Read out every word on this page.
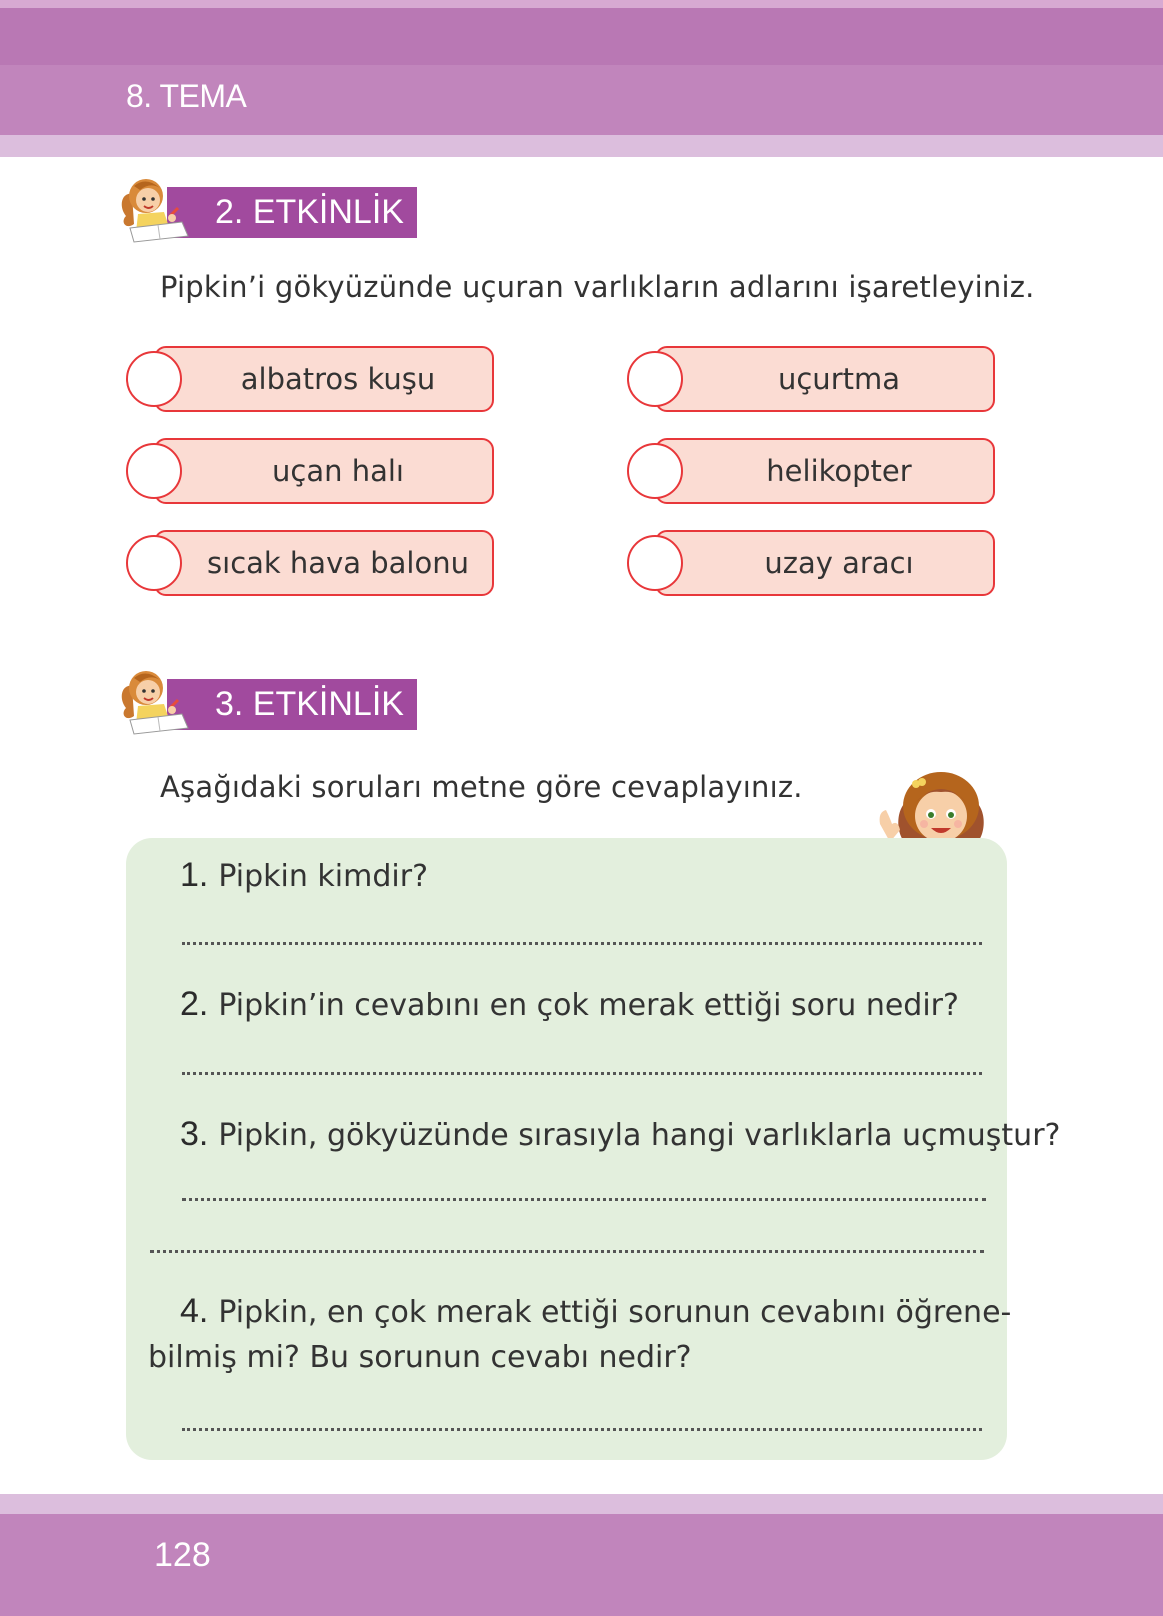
8. TEMA
2. ETKİNLİK
Pipkin’i gökyüzünde uçuran varlıkların adlarını işaretleyiniz.
albatros kuşu
uçan halı
sıcak hava balonu
uçurtma
helikopter
uzay aracı
3. ETKİNLİK
Aşağıdaki soruları metne göre cevaplayınız.
1. Pipkin kimdir?
2. Pipkin’in cevabını en çok merak ettiği soru nedir?
3. Pipkin, gökyüzünde sırasıyla hangi varlıklarla uçmuştur?
4. Pipkin, en çok merak ettiği sorunun cevabını öğrene-
bilmiş mi? Bu sorunun cevabı nedir?
128
